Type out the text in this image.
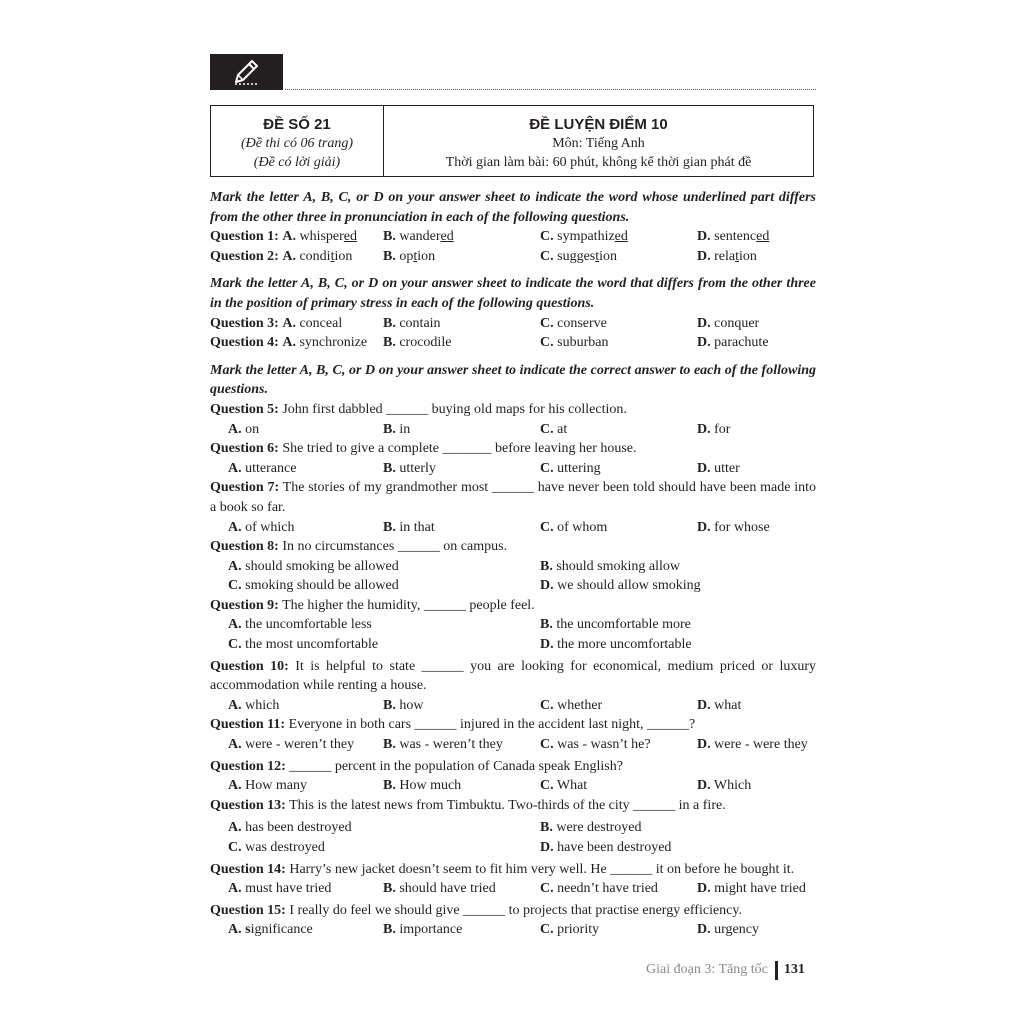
ĐỀ SỐ 21
(Đề thi có 06 trang)
(Đề có lời giải)
ĐỀ LUYỆN ĐIỂM 10
Môn: Tiếng Anh
Thời gian làm bài: 60 phút, không kể thời gian phát đề
Mark the letter A, B, C, or D on your answer sheet to indicate the word whose underlined part differs from the other three in pronunciation in each of the following questions.
Question 1: A. whispered	B. wandered	C. sympathized	D. sentenced
Question 2: A. condition	B. option	C. suggestion	D. relation
Mark the letter A, B, C, or D on your answer sheet to indicate the word that differs from the other three in the position of primary stress in each of the following questions.
Question 3: A. conceal	B. contain	C. conserve	D. conquer
Question 4: A. synchronize	B. crocodile	C. suburban	D. parachute
Mark the letter A, B, C, or D on your answer sheet to indicate the correct answer to each of the following questions.
Question 5: John first dabbled ______ buying old maps for his collection.
A. on	B. in	C. at	D. for
Question 6: She tried to give a complete _______ before leaving her house.
A. utterance	B. utterly	C. uttering	D. utter
Question 7: The stories of my grandmother most ______ have never been told should have been made into a book so far.
A. of which	B. in that	C. of whom	D. for whose
Question 8: In no circumstances ______ on campus.
A. should smoking be allowed	B. should smoking allow
C. smoking should be allowed	D. we should allow smoking
Question 9: The higher the humidity, ______ people feel.
A. the uncomfortable less	B. the uncomfortable more
C. the most uncomfortable	D. the more uncomfortable
Question 10: It is helpful to state ______ you are looking for economical, medium priced or luxury accommodation while renting a house.
A. which	B. how	C. whether	D. what
Question 11: Everyone in both cars ______ injured in the accident last night, ______?
A. were - weren’t they	B. was - weren’t they	C. was - wasn’t he?	D. were - were they
Question 12: ______ percent in the population of Canada speak English?
A. How many	B. How much	C. What	D. Which
Question 13: This is the latest news from Timbuktu. Two-thirds of the city ______ in a fire.
A. has been destroyed	B. were destroyed
C. was destroyed	D. have been destroyed
Question 14: Harry’s new jacket doesn’t seem to fit him very well. He ______ it on before he bought it.
A. must have tried	B. should have tried	C. needn’t have tried	D. might have tried
Question 15: I really do feel we should give ______ to projects that practise energy efficiency.
A. significance	B. importance	C. priority	D. urgency
Giai đoạn 3: Tăng tốc 131
